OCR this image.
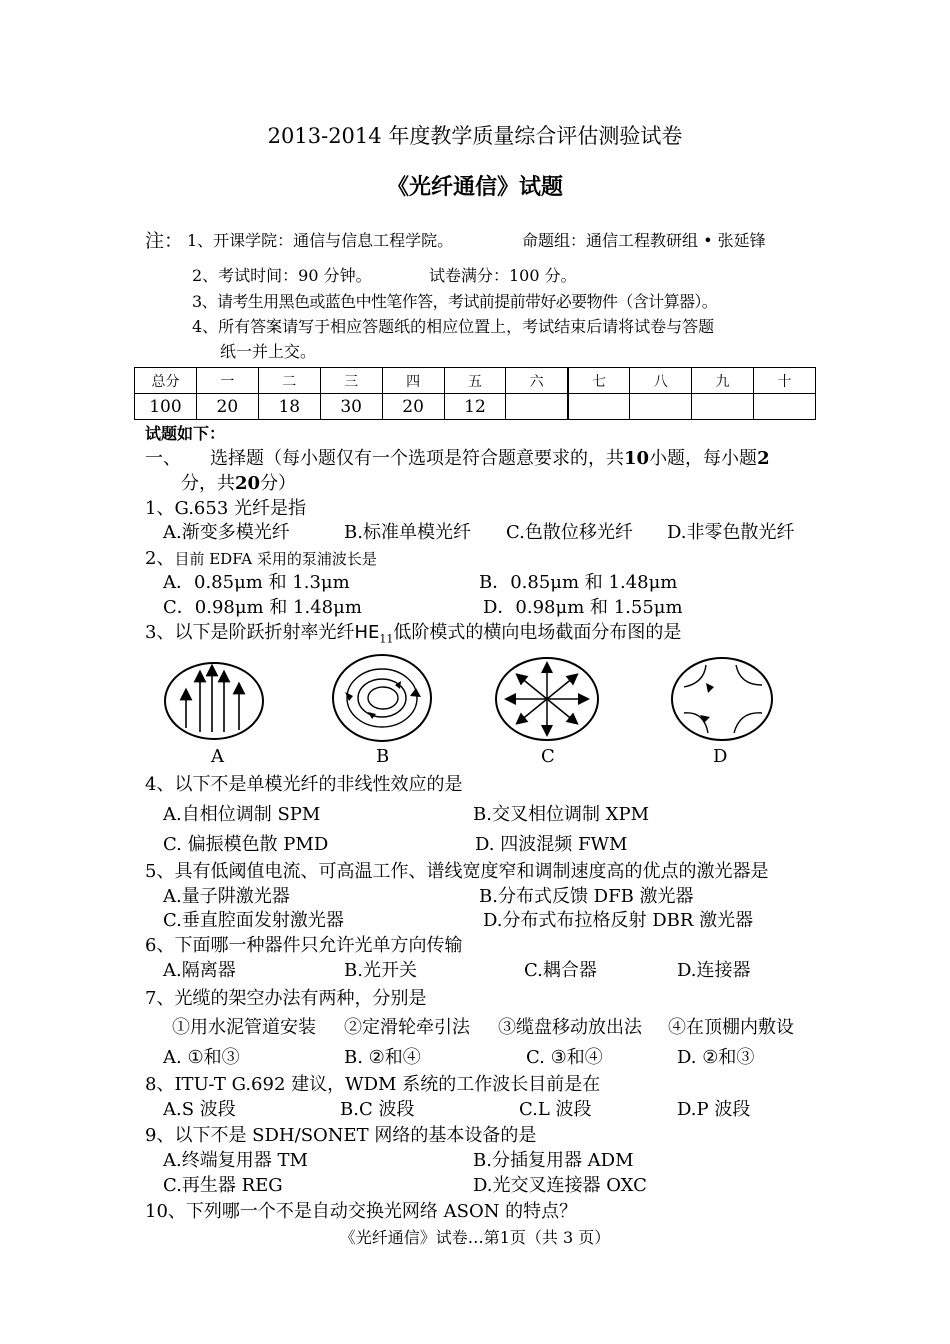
2013-2014 年度教学质量综合评估测验试卷
《光纤通信》试题
注： 1、开课学院：通信与信息工程学院。	命题组：通信工程教研组 • 张延锋
2、考试时间：90 分钟。	试卷满分：100 分。
3、请考生用黑色或蓝色中性笔作答，考试前提前带好必要物件（含计算器）。
4、所有答案请写于相应答题纸的相应位置上，考试结束后请将试卷与答题
纸一并上交。
总分	一	二	三	四	五	六	七	八	九	十
100	20	18	30	20	12					
试题如下：
一、 选择题（每小题仅有一个选项是符合题意要求的，共10小题，每小题2
分，共20分）
1、G.653 光纤是指
A.渐变多模光纤	B.标准单模光纤 C.色散位移光纤 D.非零色散光纤
2、目前 EDFA 采用的泵浦波长是
A．0.85μm 和 1.3μm	B．0.85μm 和 1.48μm
C．0.98μm 和 1.48μm	D．0.98μm 和 1.55μm
3、以下是阶跃折射率光纤$HE_{11}$低阶模式的横向电场截面分布图的是
A	B	C	D
4、以下不是单模光纤的非线性效应的是
A.自相位调制 SPM	B.交叉相位调制 XPM
C. 偏振模色散 PMD	D. 四波混频 FWM
5、具有低阈值电流、可高温工作、谱线宽度窄和调制速度高的优点的激光器是
A.量子阱激光器	B.分布式反馈 DFB 激光器
C.垂直腔面发射激光器	D.分布式布拉格反射 DBR 激光器
6、下面哪一种器件只允许光单方向传输
A.隔离器	B.光开关	C.耦合器	D.连接器
7、光缆的架空办法有两种，分别是
①用水泥管道安装 ②定滑轮牵引法 ③缆盘移动放出法 ④在顶棚内敷设
A. ①和③	B. ②和④	C. ③和④	D. ②和③
8、ITU-T G.692 建议，WDM 系统的工作波长目前是在
A.S 波段	B.C 波段	C.L 波段	D.P 波段
9、以下不是 SDH/SONET 网络的基本设备的是
A.终端复用器 TM	B.分插复用器 ADM
C.再生器 REG	D.光交叉连接器 OXC
10、下列哪一个不是自动交换光网络 ASON 的特点？
《光纤通信》试卷…第1页（共 3 页）
